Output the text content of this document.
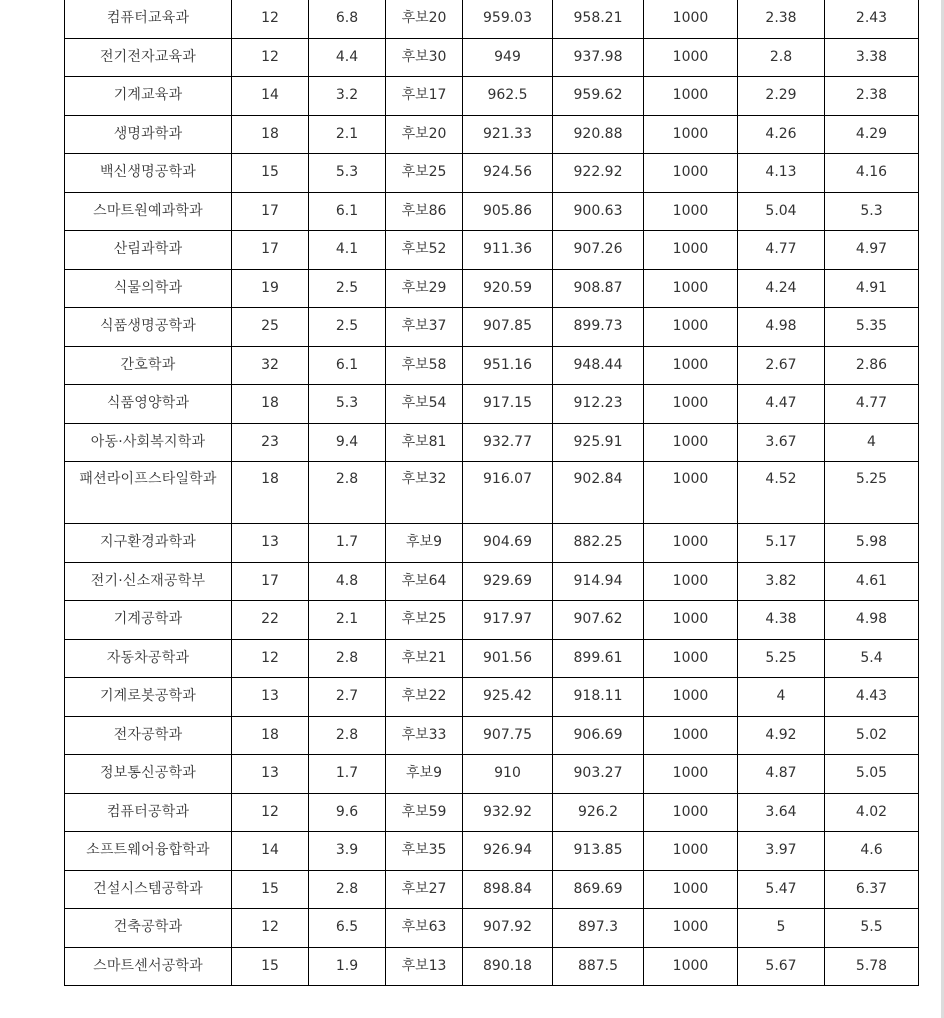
컴퓨터교육과	12	6.8	후보20	959.03	958.21	1000	2.38	2.43
전기전자교육과	12	4.4	후보30	949	937.98	1000	2.8	3.38
기계교육과	14	3.2	후보17	962.5	959.62	1000	2.29	2.38
생명과학과	18	2.1	후보20	921.33	920.88	1000	4.26	4.29
백신생명공학과	15	5.3	후보25	924.56	922.92	1000	4.13	4.16
스마트원예과학과	17	6.1	후보86	905.86	900.63	1000	5.04	5.3
산림과학과	17	4.1	후보52	911.36	907.26	1000	4.77	4.97
식물의학과	19	2.5	후보29	920.59	908.87	1000	4.24	4.91
식품생명공학과	25	2.5	후보37	907.85	899.73	1000	4.98	5.35
간호학과	32	6.1	후보58	951.16	948.44	1000	2.67	2.86
식품영양학과	18	5.3	후보54	917.15	912.23	1000	4.47	4.77
아동·사회복지학과	23	9.4	후보81	932.77	925.91	1000	3.67	4
패션라이프스타일학과	18	2.8	후보32	916.07	902.84	1000	4.52	5.25
지구환경과학과	13	1.7	후보9	904.69	882.25	1000	5.17	5.98
전기·신소재공학부	17	4.8	후보64	929.69	914.94	1000	3.82	4.61
기계공학과	22	2.1	후보25	917.97	907.62	1000	4.38	4.98
자동차공학과	12	2.8	후보21	901.56	899.61	1000	5.25	5.4
기계로봇공학과	13	2.7	후보22	925.42	918.11	1000	4	4.43
전자공학과	18	2.8	후보33	907.75	906.69	1000	4.92	5.02
정보통신공학과	13	1.7	후보9	910	903.27	1000	4.87	5.05
컴퓨터공학과	12	9.6	후보59	932.92	926.2	1000	3.64	4.02
소프트웨어융합학과	14	3.9	후보35	926.94	913.85	1000	3.97	4.6
건설시스템공학과	15	2.8	후보27	898.84	869.69	1000	5.47	6.37
건축공학과	12	6.5	후보63	907.92	897.3	1000	5	5.5
스마트센서공학과	15	1.9	후보13	890.18	887.5	1000	5.67	5.78
